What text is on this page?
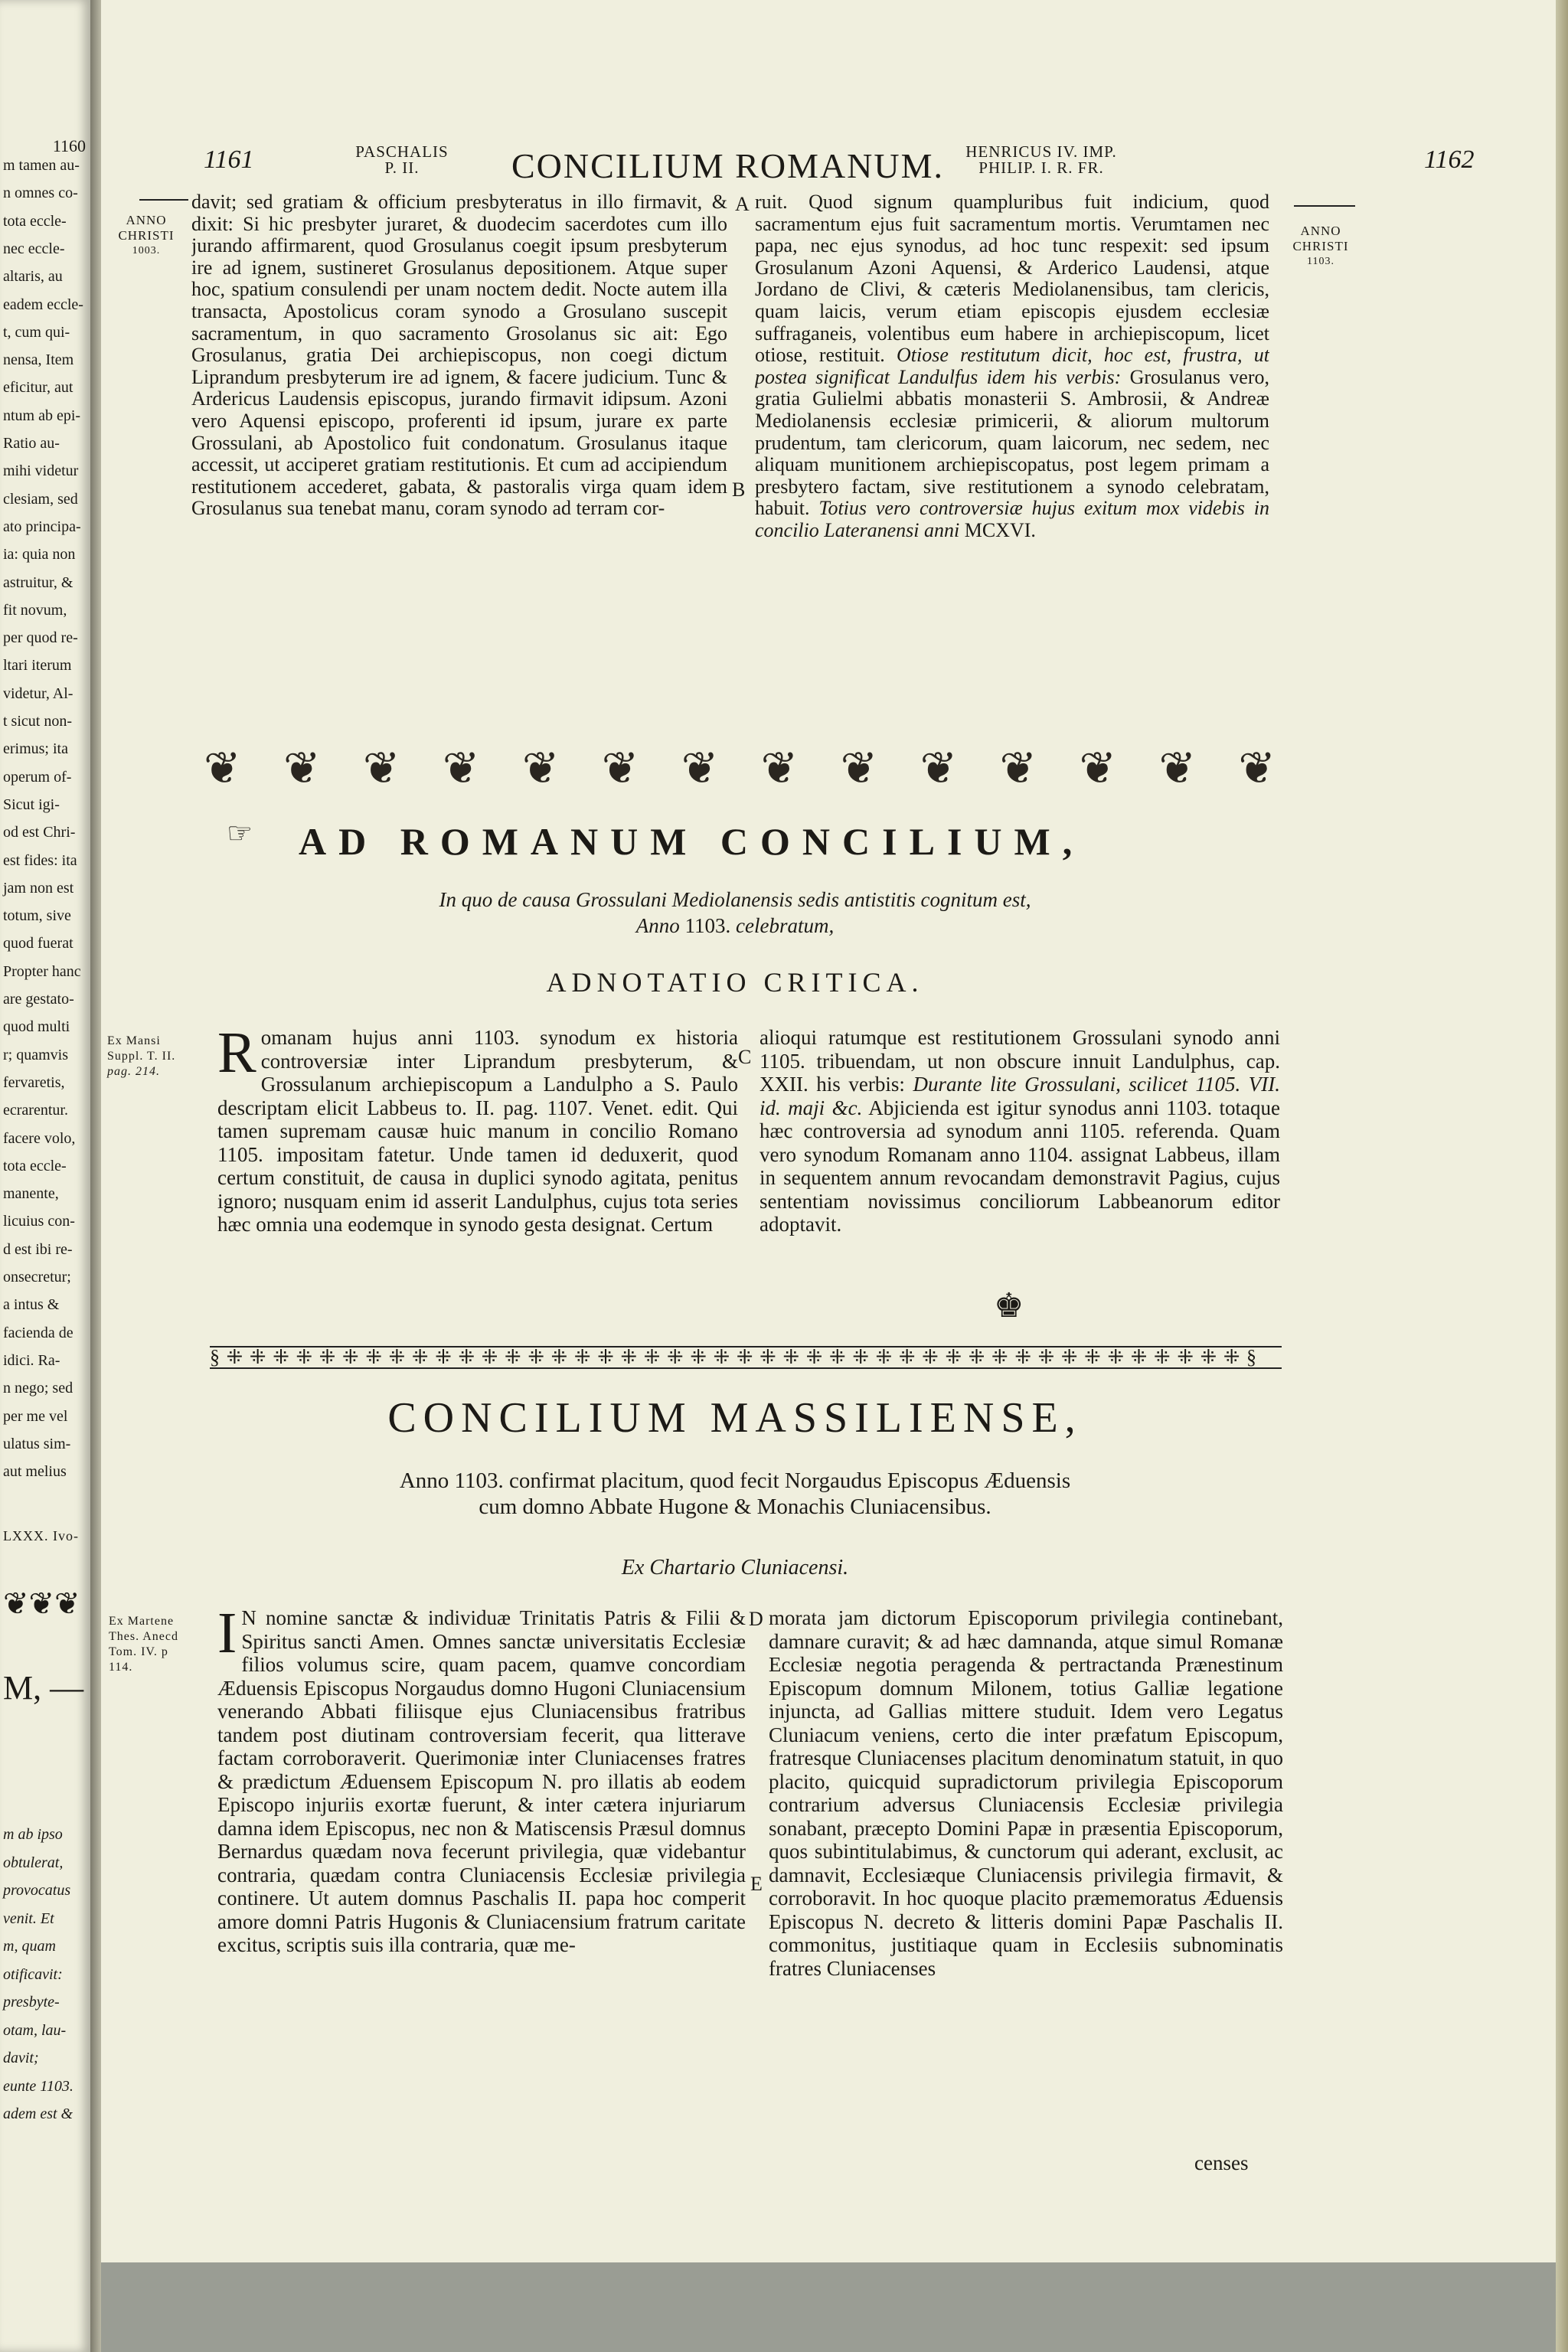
1160
m tamen au-
n omnes co-
tota eccle-
nec eccle-
altaris, au
eadem eccle-
t, cum qui-
nensa, Item
eficitur, aut
ntum ab epi-
Ratio au-
mihi videtur
clesiam, sed
ato principa-
ia: quia non
astruitur, &
fit novum,
per quod re-
ltari iterum
videtur, Al-
t sicut non-
erimus; ita
operum of-
Sicut igi-
od est Chri-
est fides: ita
jam non est
totum, sive
quod fuerat
Propter hanc
are gestato-
quod multi
r; quamvis
fervaretis,
ecrarentur.
facere volo,
tota eccle-
manente,
licuius con-
d est ibi re-
onsecretur;
a intus &
facienda de
idici. Ra-
n nego; sed
per me vel
ulatus sim-
aut melius
LXXX. Ivo-
❦❦❦
M, —
m ab ipso
obtulerat,
provocatus
venit. Et
m, quam
otificavit:
presbyte-
otam, lau-
davit;
eunte 1103.
adem est &
1161	PASCHALIS
P. II.	CONCILIUM ROMANUM.	HENRICUS IV. IMP.
PHILIP. I. R. FR.	1162
ANNO
CHRISTI
1003.
ANNO
CHRISTI
1103.

davit; sed gratiam & officium presbyteratus in illo firmavit, & dixit: Si hic presbyter juraret, & duodecim sacerdotes cum illo jurando affirmarent, quod Grosulanus coegit ipsum presbyterum ire ad ignem, sustineret Grosulanus depositionem. Atque super hoc, spatium consulendi per unam noctem dedit. Nocte autem illa transacta, Apostolicus coram synodo a Grosulano suscepit sacramentum, in quo sacramento Grosolanus sic ait: Ego Grosulanus, gratia Dei archiepiscopus, non coegi dictum Liprandum presbyterum ire ad ignem, & facere judicium. Tunc & Ardericus Laudensis episcopus, jurando firmavit idipsum. Azoni vero Aquensi episcopo, proferenti id ipsum, jurare ex parte Grossulani, ab Apostolico fuit condonatum. Grosulanus itaque accessit, ut acciperet gratiam restitutionis. Et cum ad accipiendum restitutionem accederet, gabata, & pastoralis virga quam idem Grosulanus sua tenebat manu, coram synodo ad terram cor-

A
B

ruit. Quod signum quampluribus fuit indicium, quod sacramentum ejus fuit sacramentum mortis. Verumtamen nec papa, nec ejus synodus, ad hoc tunc respexit: sed ipsum Grosulanum Azoni Aquensi, & Arderico Laudensi, atque Jordano de Clivi, & cæteris Mediolanensibus, tam clericis, quam laicis, verum etiam episcopis ejusdem ecclesiæ suffraganeis, volentibus eum habere in archiepiscopum, licet otiose, restituit. Otiose restitutum dicit, hoc est, frustra, ut postea significat Landulfus idem his verbis: Grosulanus vero, gratia Gulielmi abbatis monasterii S. Ambrosii, & Andreæ Mediolanensis ecclesiæ primicerii, & aliorum multorum prudentum, tam clericorum, quam laicorum, nec sedem, nec aliquam munitionem archiepiscopatus, post legem primam a presbytero factam, sive restitutionem a synodo celebratam, habuit. Totius vero controversiæ hujus exitum mox videbis in concilio Lateranensi anni MCXVI.

❦ ❦ ❦ ❦ ❦ ❦ ❦ ❦ ❦ ❦ ❦ ❦ ❦ ❦
☞ AD ROMANUM CONCILIUM,
In quo de causa Grossulani Mediolanensis sedis antistitis cognitum est,
Anno 1103. celebratum,
ADNOTATIO CRITICA.
Ex Mansi
Suppl. T. II.
pag. 214. Romanam hujus anni 1103. synodum ex historia controversiæ inter Liprandum presbyterum, & Grossulanum archiepiscopum a Landulpho a S. Paulo descriptam elicit Labbeus to. II. pag. 1107. Venet. edit. Qui tamen supremam causæ huic manum in concilio Romano 1105. impositam fatetur. Unde tamen id deduxerit, quod certum constituit, de causa in duplici synodo agitata, penitus ignoro; nusquam enim id asserit Landulphus, cujus tota series hæc omnia una eodemque in synodo gesta designat. Certum

C

alioqui ratumque est restitutionem Grossulani synodo anni 1105. tribuendam, ut non obscure innuit Landulphus, cap. XXII. his verbis: Durante lite Grossulani, scilicet 1105. VII. id. maji &c. Abjicienda est igitur synodus anni 1103. totaque hæc controversia ad synodum anni 1105. referenda. Quam vero synodum Romanam anno 1104. assignat Labbeus, illam in sequentem annum revocandam demonstravit Pagius, cujus sententiam novissimus conciliorum Labbeanorum editor adoptavit.

♚
§ ⁜ ⁜ ⁜ ⁜ ⁜ ⁜ ⁜ ⁜ ⁜ ⁜ ⁜ ⁜ ⁜ ⁜ ⁜ ⁜ ⁜ ⁜ ⁜ ⁜ ⁜ ⁜ ⁜ ⁜ ⁜ ⁜ ⁜ ⁜ ⁜ ⁜ ⁜ ⁜ ⁜ ⁜ ⁜ ⁜ ⁜ ⁜ ⁜ ⁜ ⁜ ⁜ ⁜ ⁜ §
CONCILIUM MASSILIENSE,
Anno 1103. confirmat placitum, quod fecit Norgaudus Episcopus Æduensis
cum domno Abbate Hugone & Monachis Cluniacensibus.
Ex Chartario Cluniacensi.
Ex Martene
Thes. Anecd
Tom. IV. p
114.

I N nomine sanctæ & individuæ Trinitatis Patris & Filii & Spiritus sancti Amen. Omnes sanctæ universitatis Ecclesiæ filios volumus scire, quam pacem, quamve concordiam Æduensis Episcopus Norgaudus domno Hugoni Cluniacensium venerando Abbati filiisque ejus Cluniacensibus fratribus tandem post diutinam controversiam fecerit, qua litterave factam corroboraverit. Querimoniæ inter Cluniacenses fratres & prædictum Æduensem Episcopum N. pro illatis ab eodem Episcopo injuriis exortæ fuerunt, & inter cætera injuriarum damna idem Episcopus, nec non & Matiscensis Præsul domnus Bernardus quædam nova fecerunt privilegia, quæ videbantur contraria, quædam contra Cluniacensis Ecclesiæ privilegia continere. Ut autem domnus Paschalis II. papa hoc comperit amore domni Patris Hugonis & Cluniacensium fratrum caritate excitus, scriptis suis illa contraria, quæ me-

D
E

morata jam dictorum Episcoporum privilegia continebant, damnare curavit; & ad hæc damnanda, atque simul Romanæ Ecclesiæ negotia peragenda & pertractanda Prænestinum Episcopum domnum Milonem, totius Galliæ legatione injuncta, ad Gallias mittere studuit. Idem vero Legatus Cluniacum veniens, certo die inter præfatum Episcopum, fratresque Cluniacenses placitum denominatum statuit, in quo placito, quicquid supradictorum privilegia Episcoporum contrarium adversus Cluniacensis Ecclesiæ privilegia sonabant, præcepto Domini Papæ in præsentia Episcoporum, quos subintitulabimus, & cunctorum qui aderant, exclusit, ac damnavit, Ecclesiæque Cluniacensis privilegia firmavit, & corroboravit. In hoc quoque placito præmemoratus Æduensis Episcopus N. decreto & litteris domini Papæ Paschalis II. commonitus, justitiaque quam in Ecclesiis subnominatis fratres Cluniacenses

censes
